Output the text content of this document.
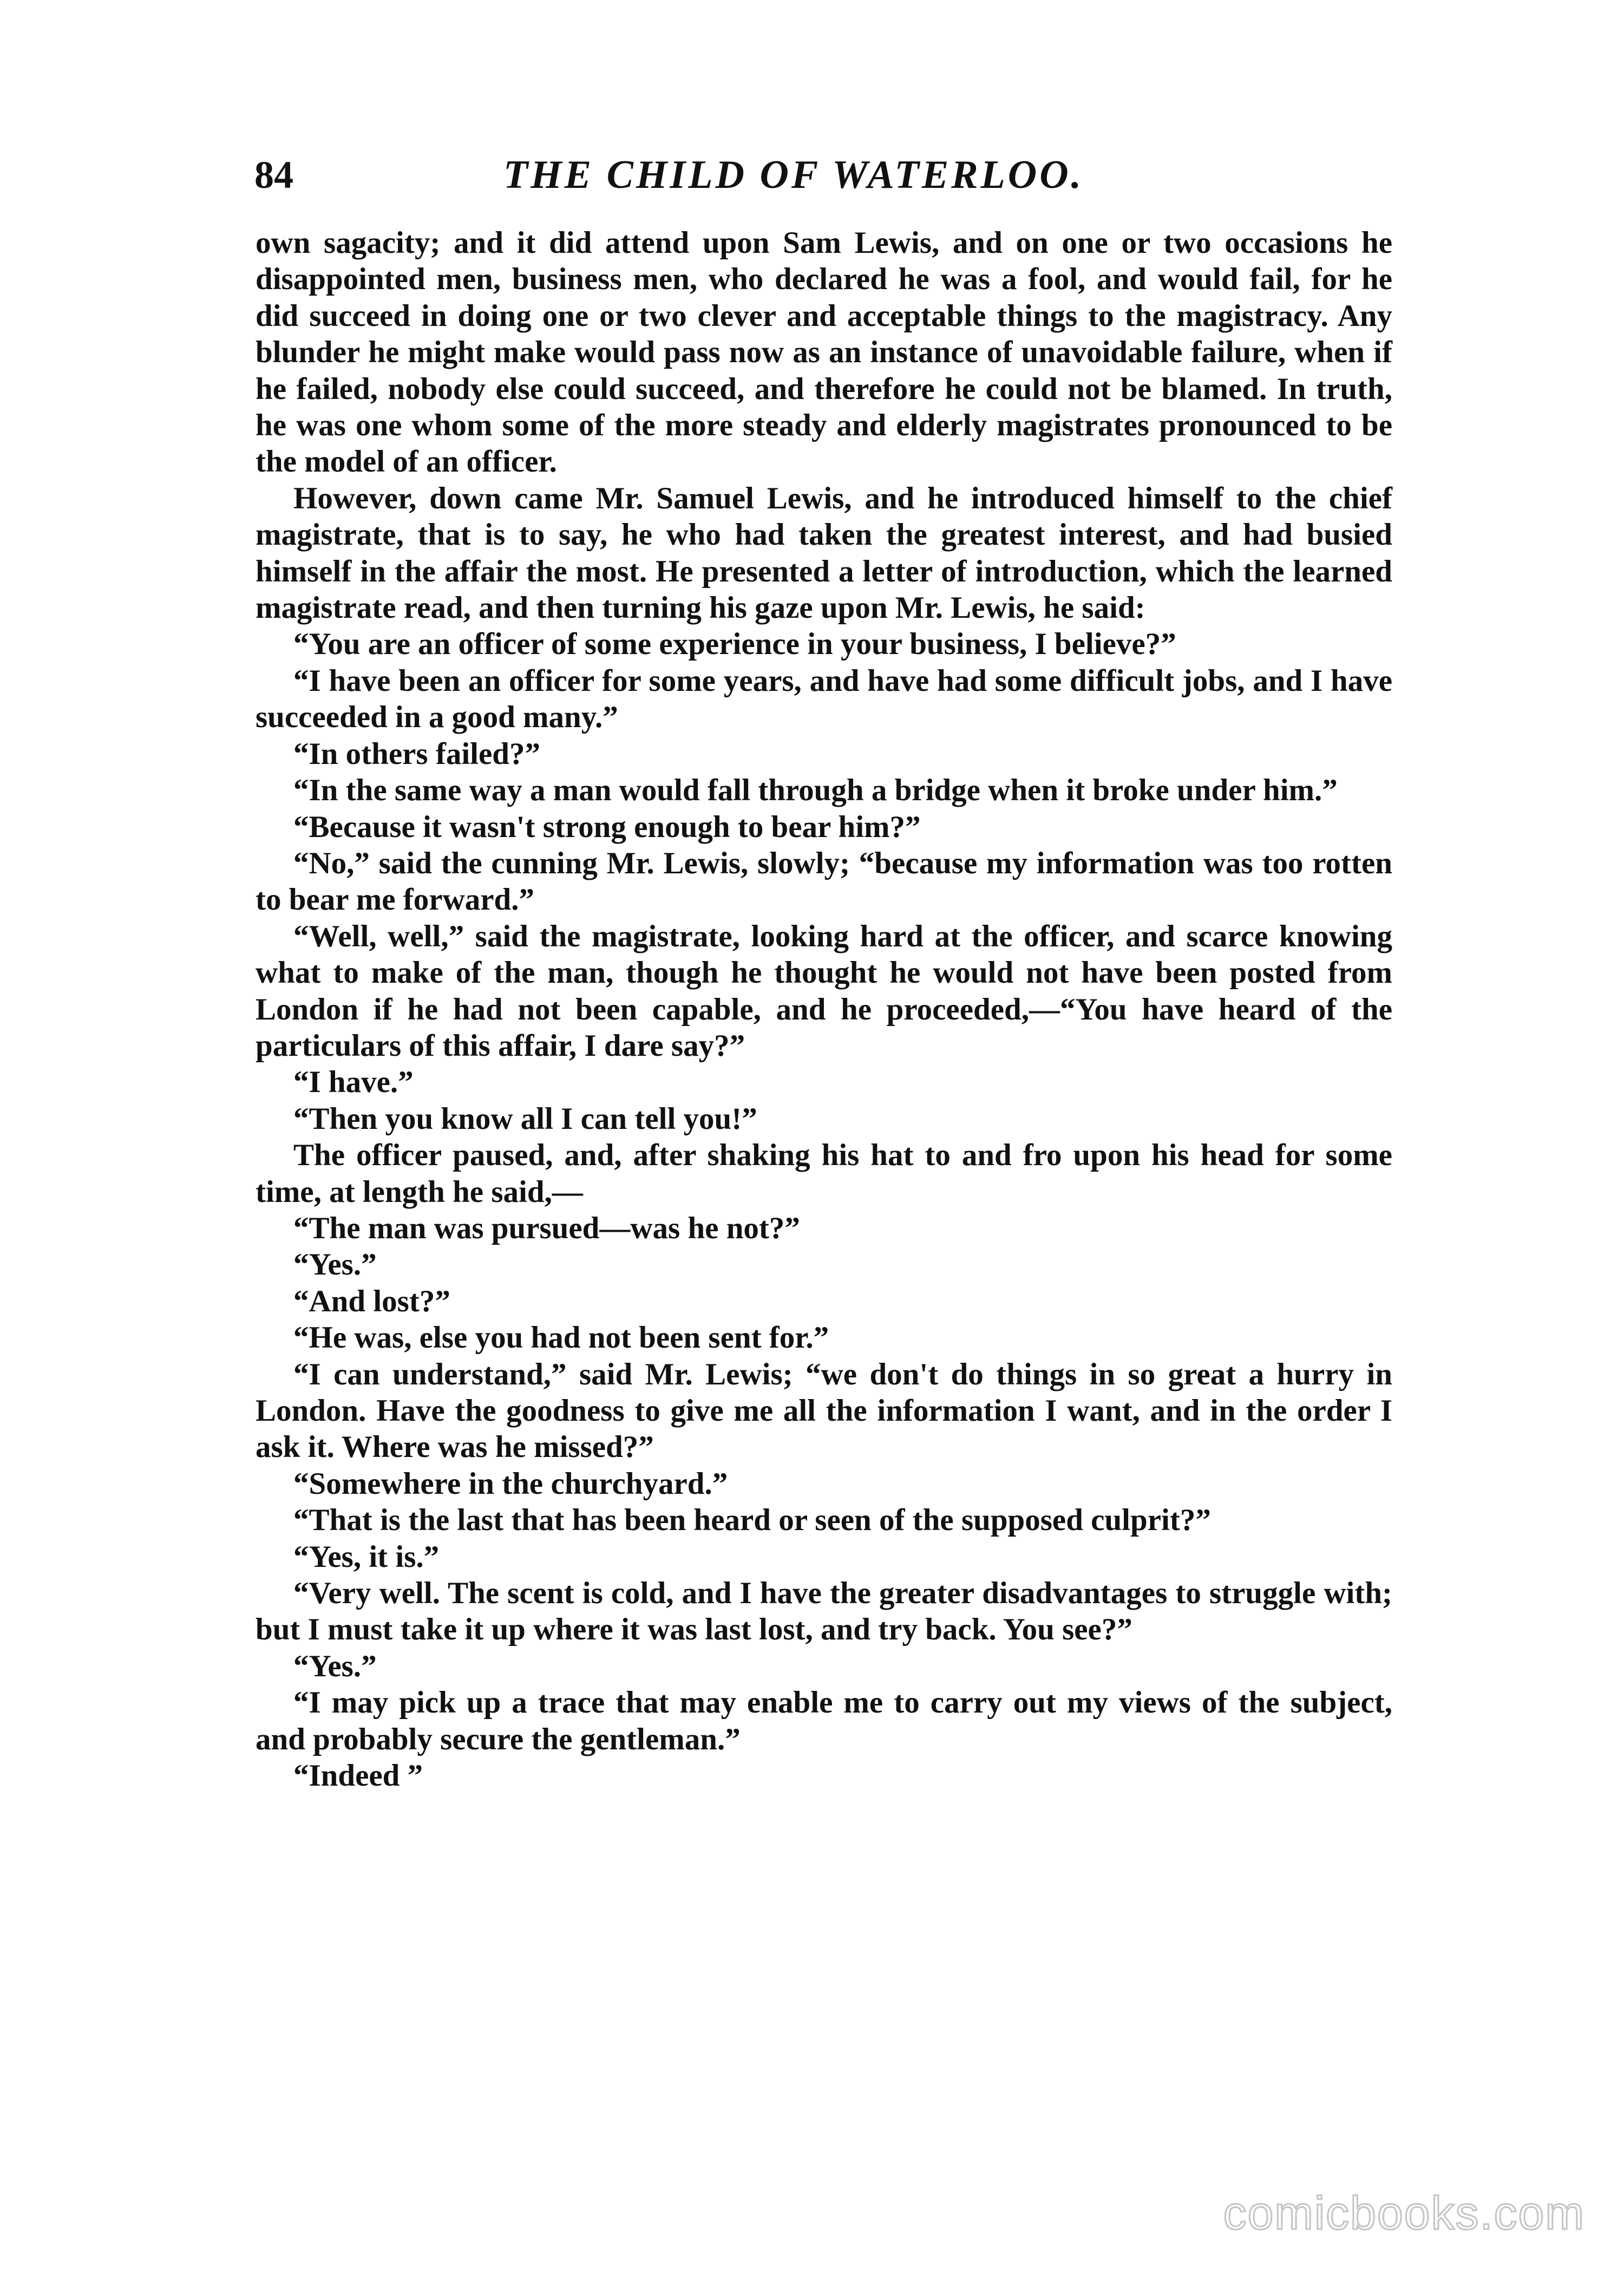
84	THE CHILD OF WATERLOO.

own sagacity; and it did attend upon Sam Lewis, and on one or two occasions he disappointed men, business men, who declared he was a fool, and would fail, for he did succeed in doing one or two clever and acceptable things to the magistracy. Any blunder he might make would pass now as an instance of unavoidable failure, when if he failed, nobody else could succeed, and therefore he could not be blamed. In truth, he was one whom some of the more steady and elderly magistrates pronounced to be the model of an officer.

However, down came Mr. Samuel Lewis, and he introduced himself to the chief magistrate, that is to say, he who had taken the greatest interest, and had busied himself in the affair the most. He presented a letter of introduction, which the learned magistrate read, and then turning his gaze upon Mr. Lewis, he said:

“You are an officer of some experience in your business, I believe?”

“I have been an officer for some years, and have had some difficult jobs, and I have succeeded in a good many.”

“In others failed?”

“In the same way a man would fall through a bridge when it broke under him.”

“Because it wasn't strong enough to bear him?”

“No,” said the cunning Mr. Lewis, slowly; “because my information was too rotten to bear me forward.”

“Well, well,” said the magistrate, looking hard at the officer, and scarce knowing what to make of the man, though he thought he would not have been posted from London if he had not been capable, and he proceeded,—“You have heard of the particulars of this affair, I dare say?”

“I have.”

“Then you know all I can tell you!”

The officer paused, and, after shaking his hat to and fro upon his head for some time, at length he said,—

“The man was pursued—was he not?”

“Yes.”

“And lost?”

“He was, else you had not been sent for.”

“I can understand,” said Mr. Lewis; “we don't do things in so great a hurry in London. Have the goodness to give me all the information I want, and in the order I ask it. Where was he missed?”

“Somewhere in the churchyard.”

“That is the last that has been heard or seen of the supposed culprit?”

“Yes, it is.”

“Very well. The scent is cold, and I have the greater disadvantages to struggle with; but I must take it up where it was last lost, and try back. You see?”

“Yes.”

“I may pick up a trace that may enable me to carry out my views of the subject, and probably secure the gentleman.”

“Indeed ”

comicbooks.com
